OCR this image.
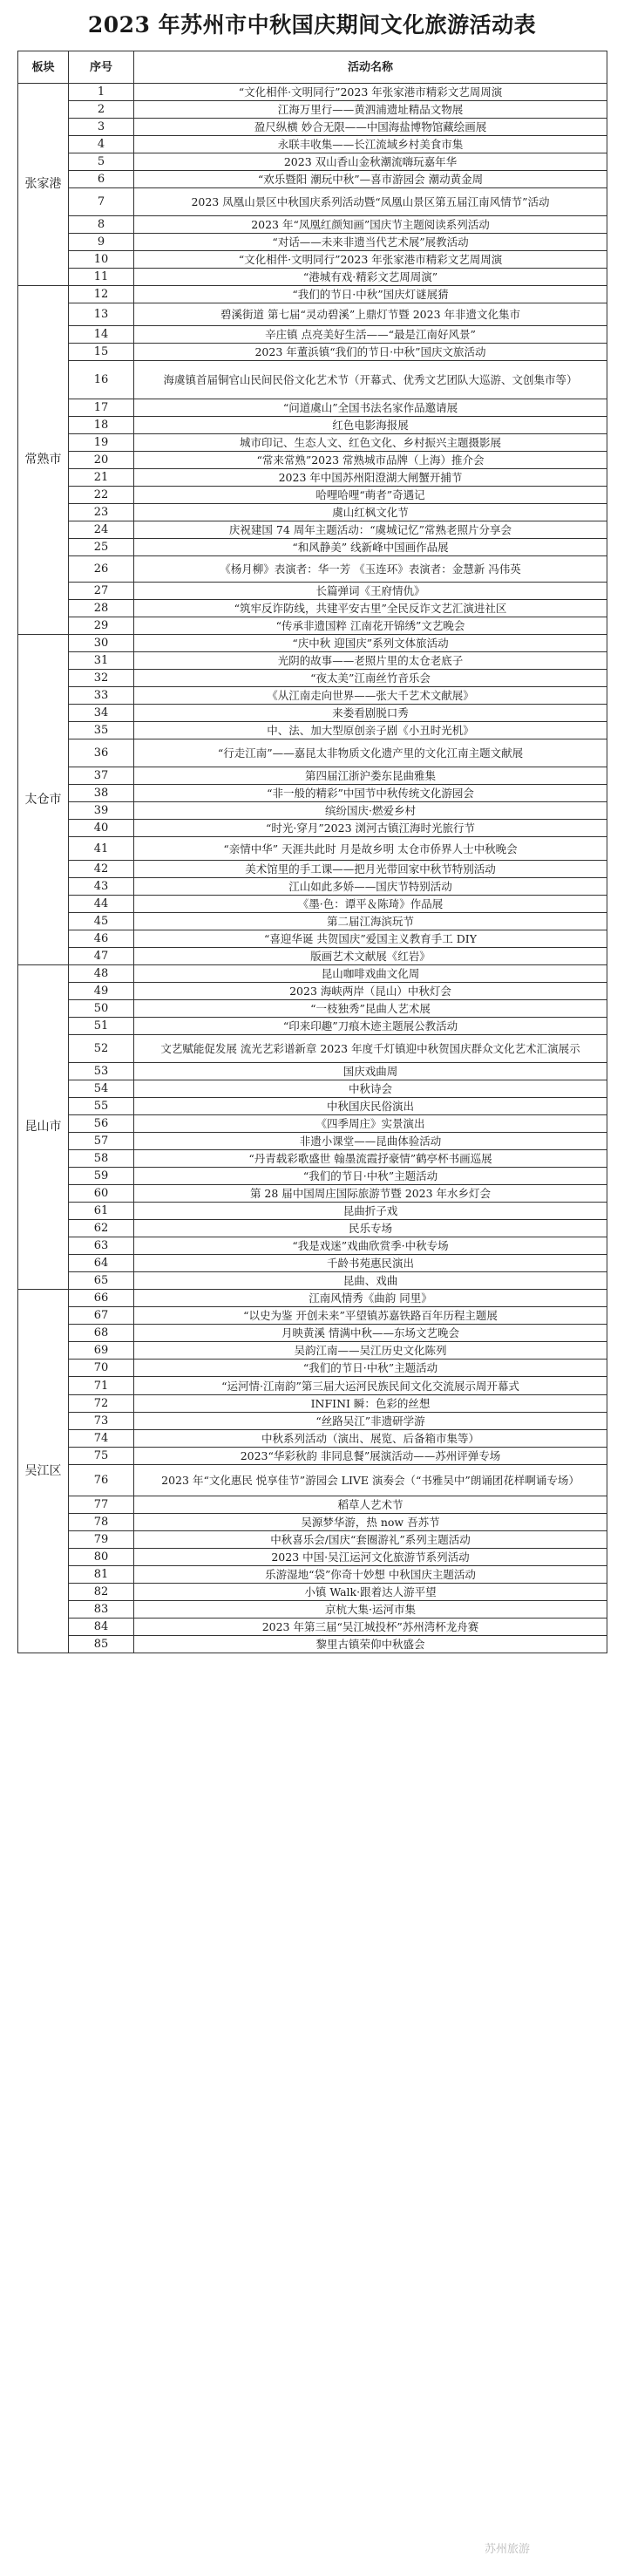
2023 年苏州市中秋国庆期间文化旅游活动表
板块	序号	活动名称
张家港	1	“文化相伴·文明同行”2023 年张家港市精彩文艺周周演
	2	江海万里行——黄泗浦遗址精品文物展
	3	盈尺纵横 妙合无限——中国海盐博物馆藏绘画展
	4	永联丰收集——长江流域乡村美食市集
	5	2023 双山香山金秋潮流嗨玩嘉年华
	6	“欢乐暨阳 潮玩中秋”—喜市游园会 潮动黄金周
	7	2023 凤凰山景区中秋国庆系列活动暨“凤凰山景区第五届江南风情节”活动
	8	2023 年“凤凰红颜知画”国庆节主题阅读系列活动
	9	“对话——未来非遗当代艺术展”展教活动
	10	“文化相伴·文明同行”2023 年张家港市精彩文艺周周演
	11	“港城有戏·精彩文艺周周演”
常熟市	12	“我们的节日·中秋”国庆灯谜展猜
	13	碧溪街道 第七届“灵动碧溪”上鼎灯节暨 2023 年非遗文化集市
	14	辛庄镇 点亮美好生活——“最是江南好风景”
	15	2023 年董浜镇“我们的节日·中秋”国庆文旅活动
	16	海虞镇首届铜官山民间民俗文化艺术节（开幕式、优秀文艺团队大巡游、文创集市等）
	17	“问道虞山”全国书法名家作品邀请展
	18	红色电影海报展
	19	城市印记、生态人文、红色文化、乡村振兴主题摄影展
	20	“常来常熟”2023 常熟城市品牌（上海）推介会
	21	2023 年中国苏州阳澄湖大闸蟹开捕节
	22	哈哩哈哩“萌者”奇遇记
	23	虞山红枫文化节
	24	庆祝建国 74 周年主题活动：“虞城记忆”常熟老照片分享会
	25	“和风静美” 线新峰中国画作品展
	26	《杨月柳》表演者：华一芳 《玉连环》表演者：金慧新 冯伟英
	27	长篇弹词《王府情仇》
	28	“筑牢反诈防线，共建平安古里”全民反诈文艺汇演进社区
	29	“传承非遗国粹 江南花开锦绣”文艺晚会
太仓市	30	“庆中秋 迎国庆”系列文体旅活动
	31	光阴的故事——老照片里的太仓老底子
	32	“夜太美”江南丝竹音乐会
	33	《从江南走向世界——张大千艺术文献展》
	34	来娄看剧脱口秀
	35	中、法、加大型原创亲子剧《小丑时光机》
	36	“行走江南”——嘉昆太非物质文化遗产里的文化江南主题文献展
	37	第四届江浙沪娄东昆曲雅集
	38	“非一般的精彩”中国节中秋传统文化游园会
	39	缤纷国庆·燃爱乡村
	40	“时光·穿月”2023 浏河古镇江海时光旅行节
	41	“亲情中华” 天涯共此时 月是故乡明 太仓市侨界人士中秋晚会
	42	美术馆里的手工课——把月光带回家中秋节特别活动
	43	江山如此多娇——国庆节特别活动
	44	《墨·色：谭平＆陈琦》作品展
	45	第二届江海滨玩节
	46	“喜迎华诞 共贺国庆”爱国主义教育手工 DIY
	47	版画艺术文献展《红岩》
昆山市	48	昆山咖啡戏曲文化周
	49	2023 海峡两岸（昆山）中秋灯会
	50	“一枝独秀”昆曲人艺术展
	51	“印来印趣”刀痕木迹主题展公教活动
	52	文艺赋能促发展 流光艺彩谱新章 2023 年度千灯镇迎中秋贺国庆群众文化艺术汇演展示
	53	国庆戏曲周
	54	中秋诗会
	55	中秋国庆民俗演出
	56	《四季周庄》实景演出
	57	非遗小课堂——昆曲体验活动
	58	“丹青载彩歌盛世 翰墨流霞抒豪情”鹤亭杯书画巡展
	59	“我们的节日·中秋”主题活动
	60	第 28 届中国周庄国际旅游节暨 2023 年水乡灯会
	61	昆曲折子戏
	62	民乐专场
	63	“我是戏迷”戏曲欣赏季·中秋专场
	64	千龄书苑惠民演出
	65	昆曲、戏曲
吴江区	66	江南风情秀《曲韵 同里》
	67	“以史为鉴 开创未来”平望镇苏嘉铁路百年历程主题展
	68	月映黄溪 情满中秋——东场文艺晚会
	69	吴韵江南——吴江历史文化陈列
	70	“我们的节日·中秋”主题活动
	71	“运河情·江南韵”第三届大运河民族民间文化交流展示周开幕式
	72	INFINI 瞬：色彩的丝想
	73	“丝路吴江”非遗研学游
	74	中秋系列活动（演出、展览、后备箱市集等）
	75	2023“华彩秋韵 非同息餐”展演活动——苏州评弹专场
	76	2023 年“文化惠民 悦享佳节”游园会 LIVE 演奏会（“书雅吴中”朗诵团花样啊诵专场）
	77	稻草人艺术节
	78	吴源梦华游，热 now 吾苏节
	79	中秋喜乐会/国庆“套圈游礼”系列主题活动
	80	2023 中国·吴江运河文化旅游节系列活动
	81	乐游湿地“袋”你奇十妙想 中秋国庆主题活动
	82	小镇 Walk·跟着达人游平望
	83	京杭大集·运河市集
	84	2023 年第三届“吴江城投杯”苏州湾杯龙舟赛
	85	黎里古镇荣仰中秋盛会
苏州旅游
